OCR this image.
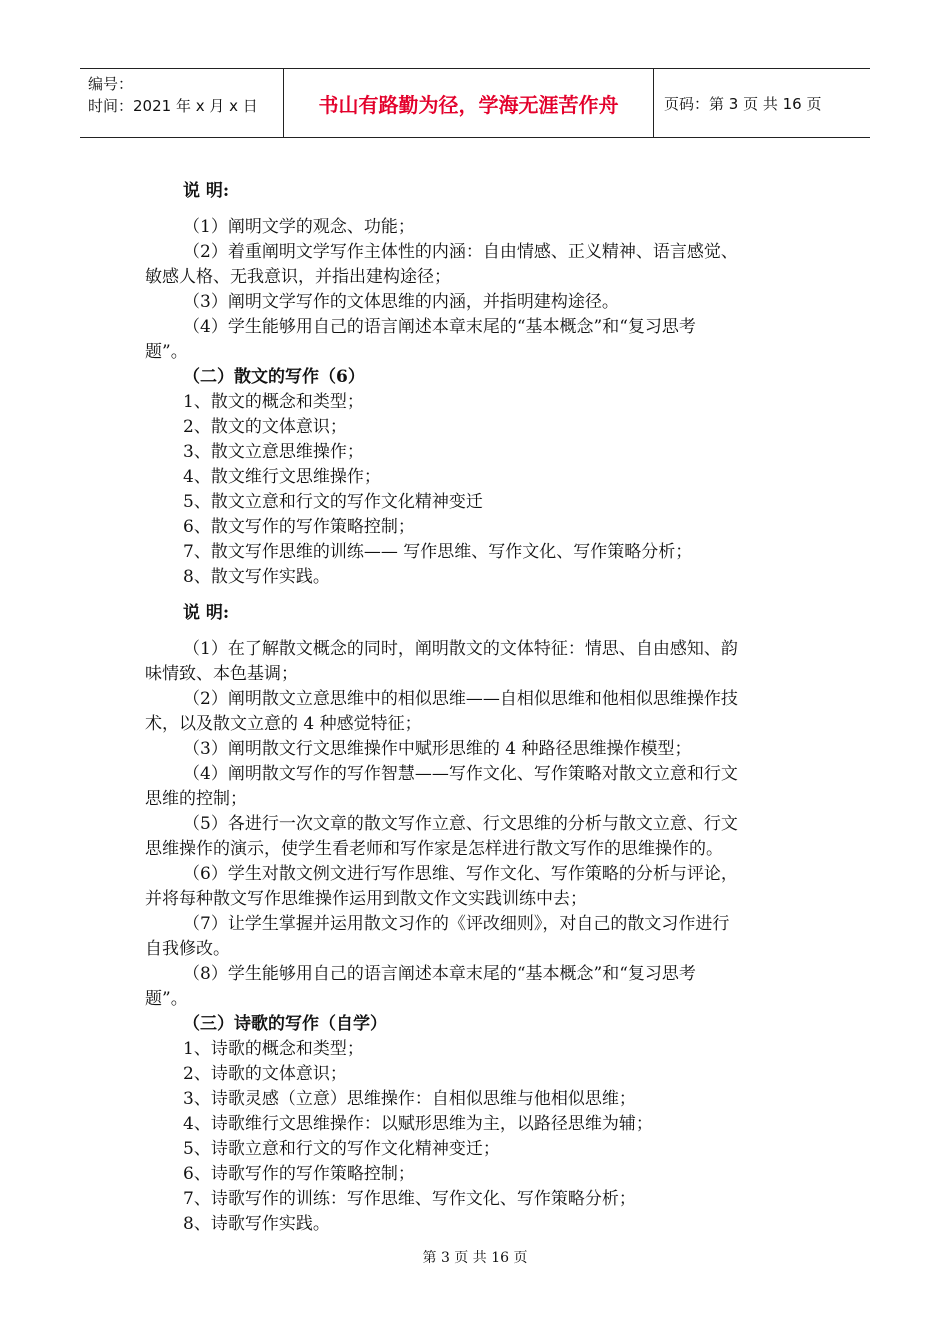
编号：
时间：2021 年 x 月 x 日	书山有路勤为径，学海无涯苦作舟	页码：第 3 页 共 16 页
说 明:
（1）阐明文学的观念、功能；
（2）着重阐明文学写作主体性的内涵：自由情感、正义精神、语言感觉、
敏感人格、无我意识，并指出建构途径；
（3）阐明文学写作的文体思维的内涵，并指明建构途径。
（4）学生能够用自己的语言阐述本章末尾的“基本概念”和“复习思考
题”。
（二）散文的写作（6）
1、散文的概念和类型；
2、散文的文体意识；
3、散文立意思维操作；
4、散文维行文思维操作；
5、散文立意和行文的写作文化精神变迁
6、散文写作的写作策略控制；
7、散文写作思维的训练—— 写作思维、写作文化、写作策略分析；
8、散文写作实践。
说 明:
（1）在了解散文概念的同时，阐明散文的文体特征：情思、自由感知、韵
味情致、本色基调；
（2）阐明散文立意思维中的相似思维——自相似思维和他相似思维操作技
术，以及散文立意的 4 种感觉特征；
（3）阐明散文行文思维操作中赋形思维的 4 种路径思维操作模型；
（4）阐明散文写作的写作智慧——写作文化、写作策略对散文立意和行文
思维的控制；
（5）各进行一次文章的散文写作立意、行文思维的分析与散文立意、行文
思维操作的演示，使学生看老师和写作家是怎样进行散文写作的思维操作的。
（6）学生对散文例文进行写作思维、写作文化、写作策略的分析与评论，
并将每种散文写作思维操作运用到散文作文实践训练中去；
（7）让学生掌握并运用散文习作的《评改细则》，对自己的散文习作进行
自我修改。
（8）学生能够用自己的语言阐述本章末尾的“基本概念”和“复习思考
题”。
（三）诗歌的写作（自学）
1、诗歌的概念和类型；
2、诗歌的文体意识；
3、诗歌灵感（立意）思维操作：自相似思维与他相似思维；
4、诗歌维行文思维操作：以赋形思维为主，以路径思维为辅；
5、诗歌立意和行文的写作文化精神变迁；
6、诗歌写作的写作策略控制；
7、诗歌写作的训练：写作思维、写作文化、写作策略分析；
8、诗歌写作实践。
第 3 页 共 16 页
